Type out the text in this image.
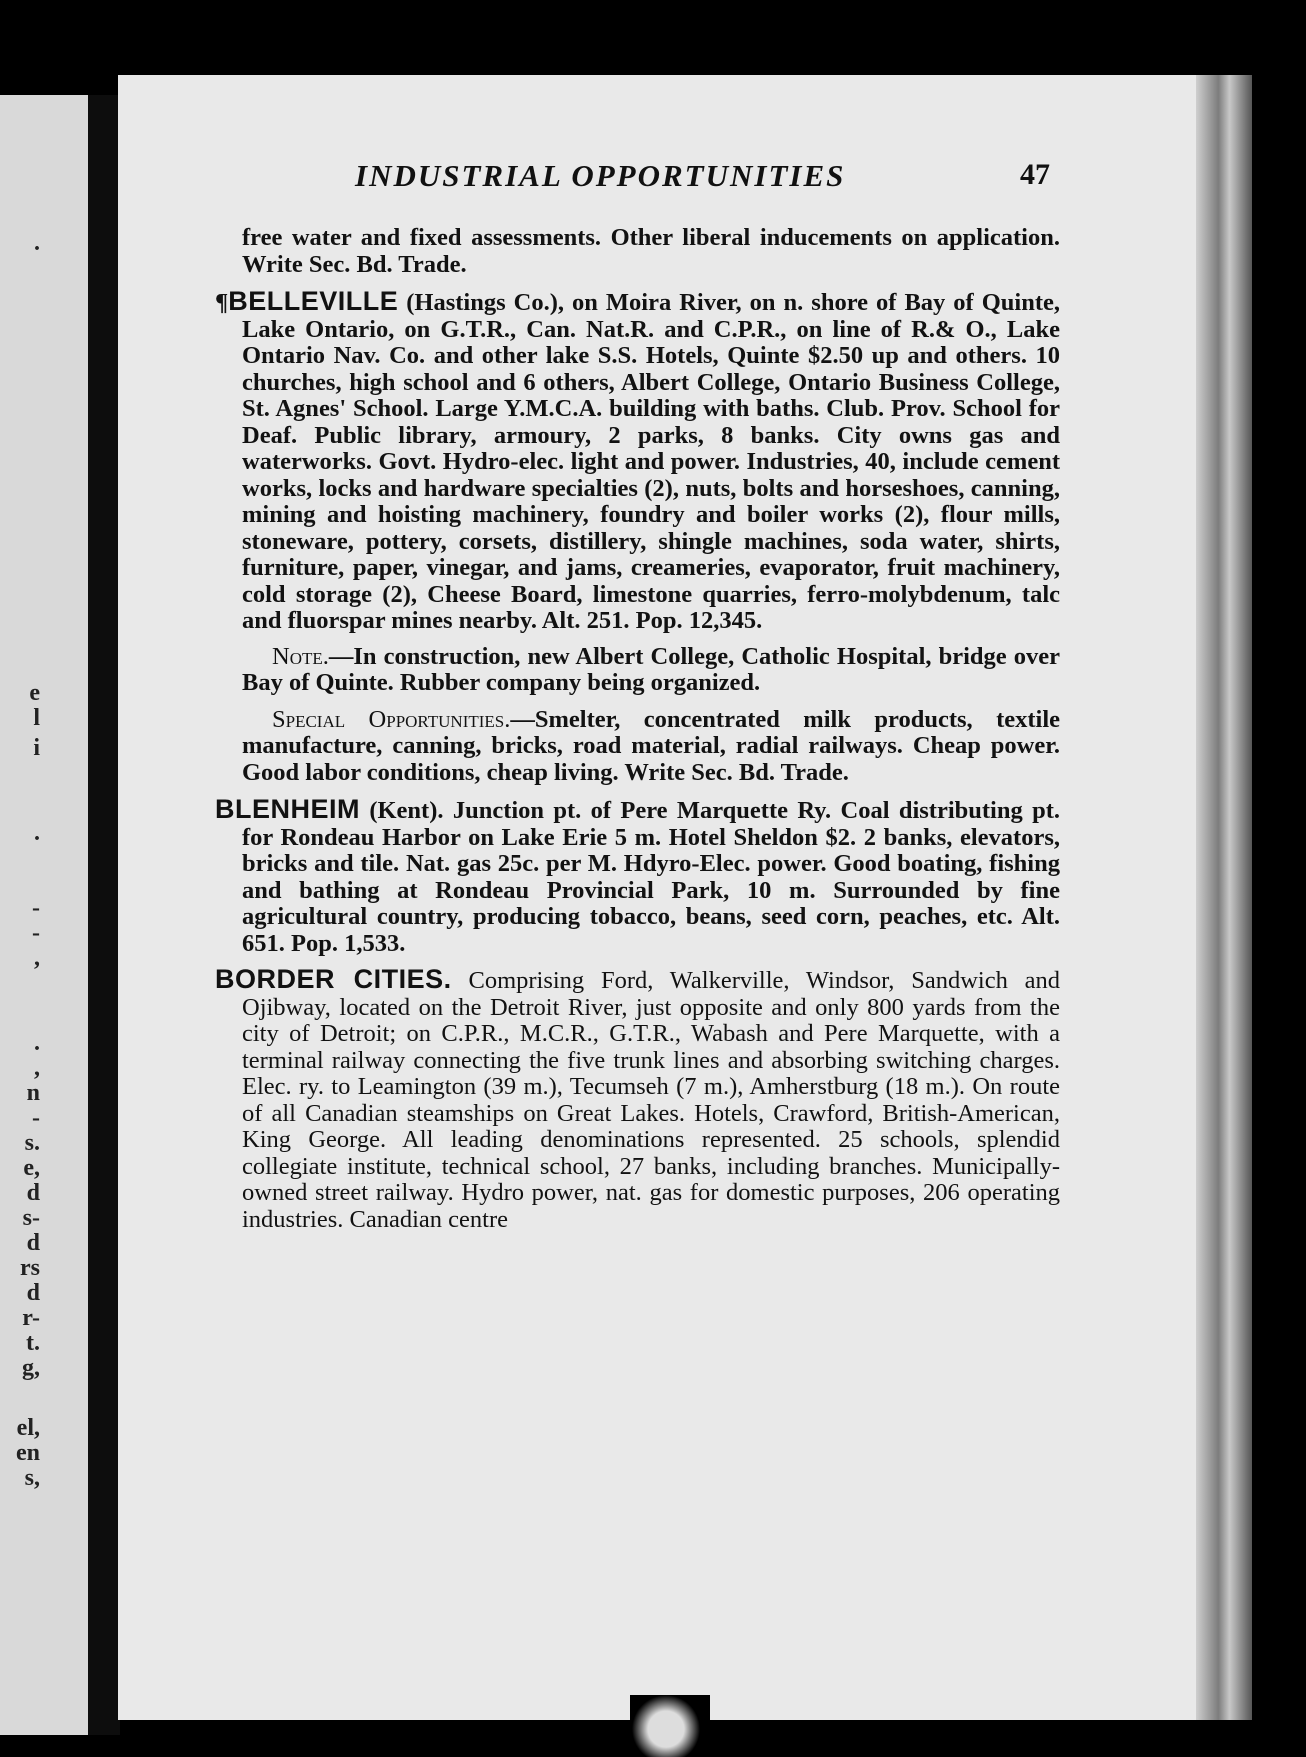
.
e
l
i
.
-
-
,
.
,
n
-
s.
e,
d
s-
d
rs
d
r-
t.
g,
el,
en
s,
INDUSTRIAL OPPORTUNITIES	47

free water and fixed assessments. Other liberal inducements on application. Write Sec. Bd. Trade.

¶BELLEVILLE (Hastings Co.), on Moira River, on n. shore of Bay of Quinte, Lake Ontario, on G.T.R., Can. Nat.R. and C.P.R., on line of R.& O., Lake Ontario Nav. Co. and other lake S.S. Hotels, Quinte $2.50 up and others. 10 churches, high school and 6 others, Albert College, Ontario Business College, St. Agnes' School. Large Y.M.C.A. building with baths. Club. Prov. School for Deaf. Public library, armoury, 2 parks, 8 banks. City owns gas and waterworks. Govt. Hydro-elec. light and power. Industries, 40, include cement works, locks and hardware specialties (2), nuts, bolts and horseshoes, canning, mining and hoisting machinery, foundry and boiler works (2), flour mills, stoneware, pottery, corsets, distillery, shingle machines, soda water, shirts, furniture, paper, vinegar, and jams, creameries, evaporator, fruit machinery, cold storage (2), Cheese Board, limestone quarries, ferro-molybdenum, talc and fluorspar mines nearby. Alt. 251. Pop. 12,345.

Note.—In construction, new Albert College, Catholic Hospital, bridge over Bay of Quinte. Rubber company being organized.

Special Opportunities.—Smelter, concentrated milk products, textile manufacture, canning, bricks, road material, radial railways. Cheap power. Good labor conditions, cheap living. Write Sec. Bd. Trade.

BLENHEIM (Kent). Junction pt. of Pere Marquette Ry. Coal distributing pt. for Rondeau Harbor on Lake Erie 5 m. Hotel Sheldon $2. 2 banks, elevators, bricks and tile. Nat. gas 25c. per M. Hdyro-Elec. power. Good boating, fishing and bathing at Rondeau Provincial Park, 10 m. Surrounded by fine agricultural country, producing tobacco, beans, seed corn, peaches, etc. Alt. 651. Pop. 1,533.

BORDER CITIES. Comprising Ford, Walkerville, Windsor, Sandwich and Ojibway, located on the Detroit River, just opposite and only 800 yards from the city of Detroit; on C.P.R., M.C.R., G.T.R., Wabash and Pere Marquette, with a terminal railway connecting the five trunk lines and absorbing switching charges. Elec. ry. to Leamington (39 m.), Tecumseh (7 m.), Amherstburg (18 m.). On route of all Canadian steamships on Great Lakes. Hotels, Crawford, British-American, King George. All leading denominations represented. 25 schools, splendid collegiate institute, technical school, 27 banks, including branches. Municipally-owned street railway. Hydro power, nat. gas for domestic purposes, 206 operating industries. Canadian centre
